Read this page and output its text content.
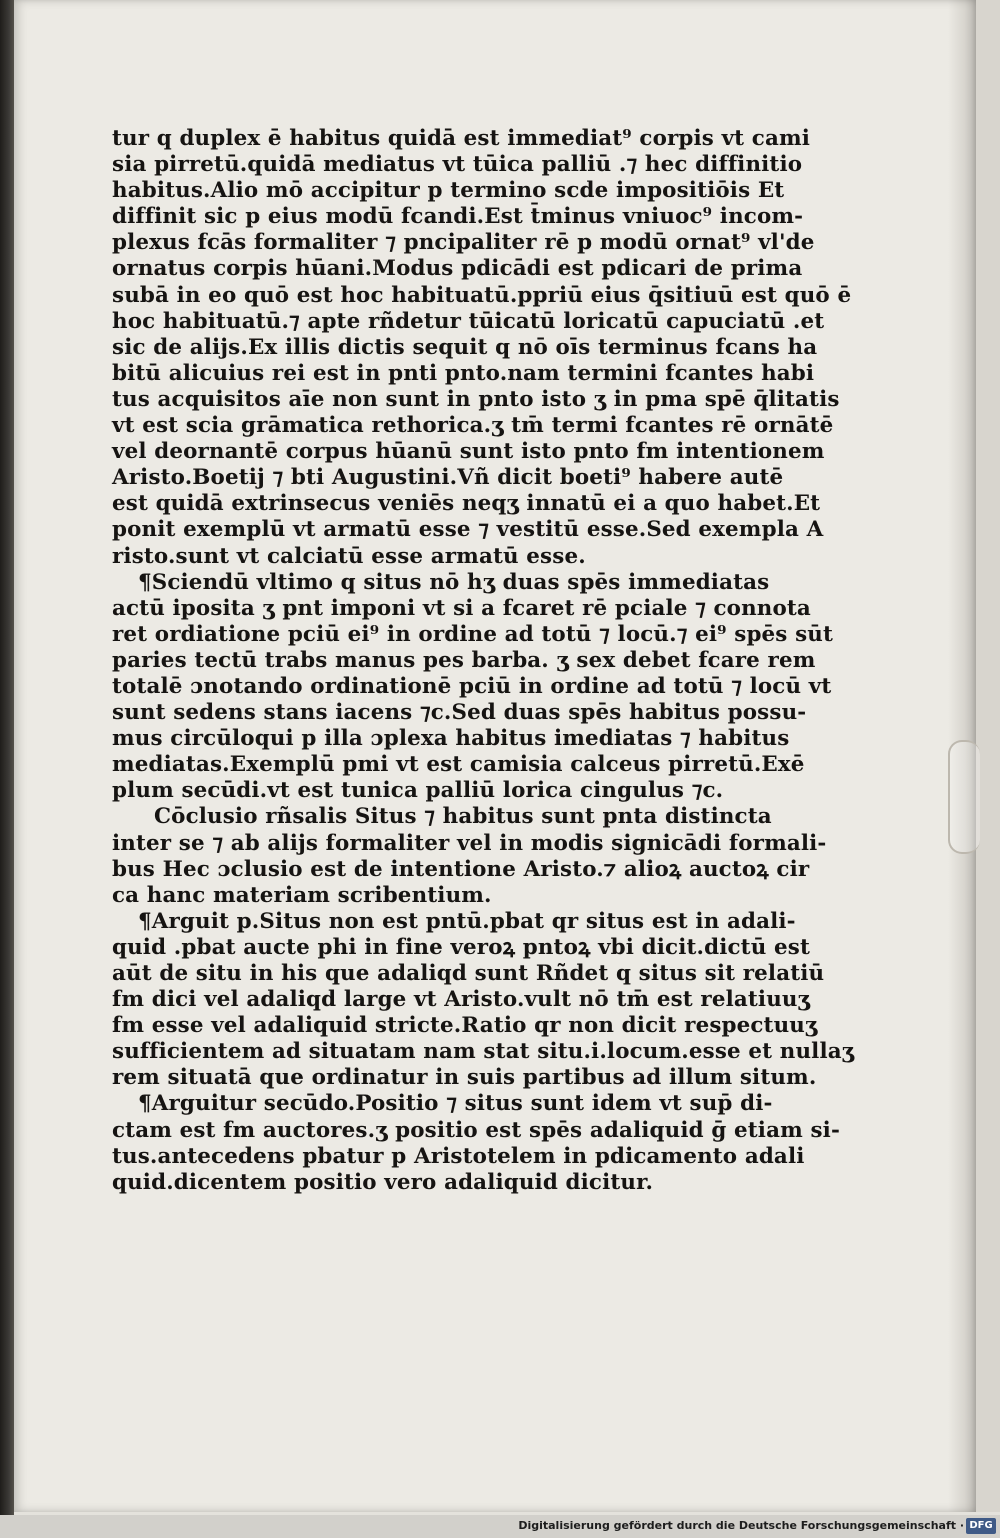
tur q duplex ē habitus quidā est immediat⁹ corpis vt cami
sia pirretū.quidā mediatus vt tūica palliū .⁊ hec diffinitio
habitus.Alio mō accipitur p termino scde impositiōis Et
diffinit sic p eius modū fcandi.Est t̄minus vniuoc⁹ incom-
plexus fcās formaliter ⁊ pncipaliter rē p modū ornat⁹ vl'de
ornatus corpis hūani.Modus pdicādi est pdicari de prima
subā in eo quō est hoc habituatū.ppriū eius q̄sitiuū est quō ē
hoc habituatū.⁊ apte rñdetur tūicatū loricatū capuciatū .et
sic de alijs.Ex illis dictis sequit q nō oīs terminus fcans ha
bitū alicuius rei est in pnti pnto.nam termini fcantes habi
tus acquisitos aīe non sunt in pnto isto ʒ in pma spē q̄litatis
vt est scia grāmatica rethorica.ʒ tm̄ termi fcantes rē ornātē
vel deornantē corpus hūanū sunt isto pnto fm intentionem
Aristo.Boetij ⁊ bti Augustini.Vñ dicit boeti⁹ habere autē
est quidā extrinsecus veniēs neqʒ innatū ei a quo habet.Et
ponit exemplū vt armatū esse ⁊ vestitū esse.Sed exempla A
risto.sunt vt calciatū esse armatū esse.
¶Sciendū vltimo q situs nō hʒ duas spēs immediatas
actū iposita ʒ pnt imponi vt si a fcaret rē pciale ⁊ connota
ret ordiatione pciū ei⁹ in ordine ad totū ⁊ locū.⁊ ei⁹ spēs sūt
paries tectū trabs manus pes barba. ʒ sex debet fcare rem
totalē ɔnotando ordinationē pciū in ordine ad totū ⁊ locū vt
sunt sedens stans iacens ⁊c.Sed duas spēs habitus possu-
mus circūloqui p illa ɔplexa habitus imediatas ⁊ habitus
mediatas.Exemplū pmi vt est camisia calceus pirretū.Exē
plum secūdi.vt est tunica palliū lorica cingulus ⁊c.
Cōclusio rñsalis Situs ⁊ habitus sunt pnta distincta
inter se ⁊ ab alijs formaliter vel in modis signicādi formali-
bus Hec ɔclusio est de intentione Aristo.⁊ alioꝝ auctoꝝ cir
ca hanc materiam scribentium.
¶Arguit p.Situs non est pntū.pbat qr situs est in adali-
quid .pbat aucte phi in fine veroꝝ pntoꝝ vbi dicit.dictū est
aūt de situ in his que adaliqd sunt Rñdet q situs sit relatiū
fm dici vel adaliqd large vt Aristo.vult nō tm̄ est relatiuuʒ
fm esse vel adaliquid stricte.Ratio qr non dicit respectuuʒ
sufficientem ad situatam nam stat situ.i.locum.esse et nullaʒ
rem situatā que ordinatur in suis partibus ad illum situm.
¶Arguitur secūdo.Positio ⁊ situs sunt idem vt sup̄ di-
ctam est fm auctores.ʒ positio est spēs adaliquid ḡ etiam si-
tus.antecedens pbatur p Aristotelem in pdicamento adali
quid.dicentem positio vero adaliquid dicitur.
Digitalisierung gefördert durch die Deutsche Forschungsgemeinschaft · DFG
